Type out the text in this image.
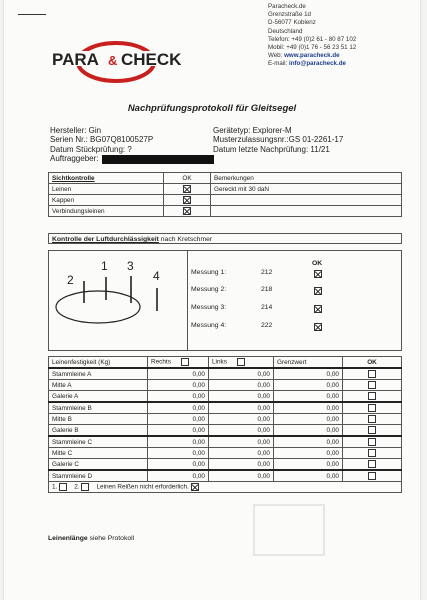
PARA & CHECK
Paracheck.de
Grenzstraße 1d
D-56077 Koblenz
Deutschland
Telefon: +49 (0)2 61 - 80 87 102
Mobil: +49 (0)1 76 - 56 23 51 12
Web: www.paracheck.de
E-mail: info@paracheck.de
Nachprüfungsprotokoll für Gleitsegel
Hersteller: Gin
Serien Nr.: BG07Q8100527P
Datum Stückprüfung: ?
Auftraggeber:
Gerätetyp: Explorer-M
Musterzulassungsnr.:GS 01-2261-17
Datum letzte Nachprüfung: 11/21
Sichtkontrolle	OK	Bemerkungen
Leinen		Gereckt mit 30 daN
Kappen		
Verbindungsleinen		
Kontrolle der Luftdurchlässigkeit nach Kretschmer
2
1 3
4
OK
Messung 1:	212
Messung 2:	218
Messung 3:	214
Messung 4:	222
Leinenfestigkeit (Kg)	Rechts	Links	Grenzwert	OK
Stammleine A	0,00	0,00	0,00	
Mitte A	0,00	0,00	0,00	
Galerie A	0,00	0,00	0,00	
Stammleine B	0,00	0,00	0,00	
Mitte B	0,00	0,00	0,00	
Galerie B	0,00	0,00	0,00	
Stammleine C	0,00	0,00	0,00	
Mitte C	0,00	0,00	0,00	
Galerie C	0,00	0,00	0,00	
Stammleine D	0,00	0,00	0,00	
1. 2. Leinen Reißen nicht erforderlich.				
Leinenlänge siehe Protokoll
